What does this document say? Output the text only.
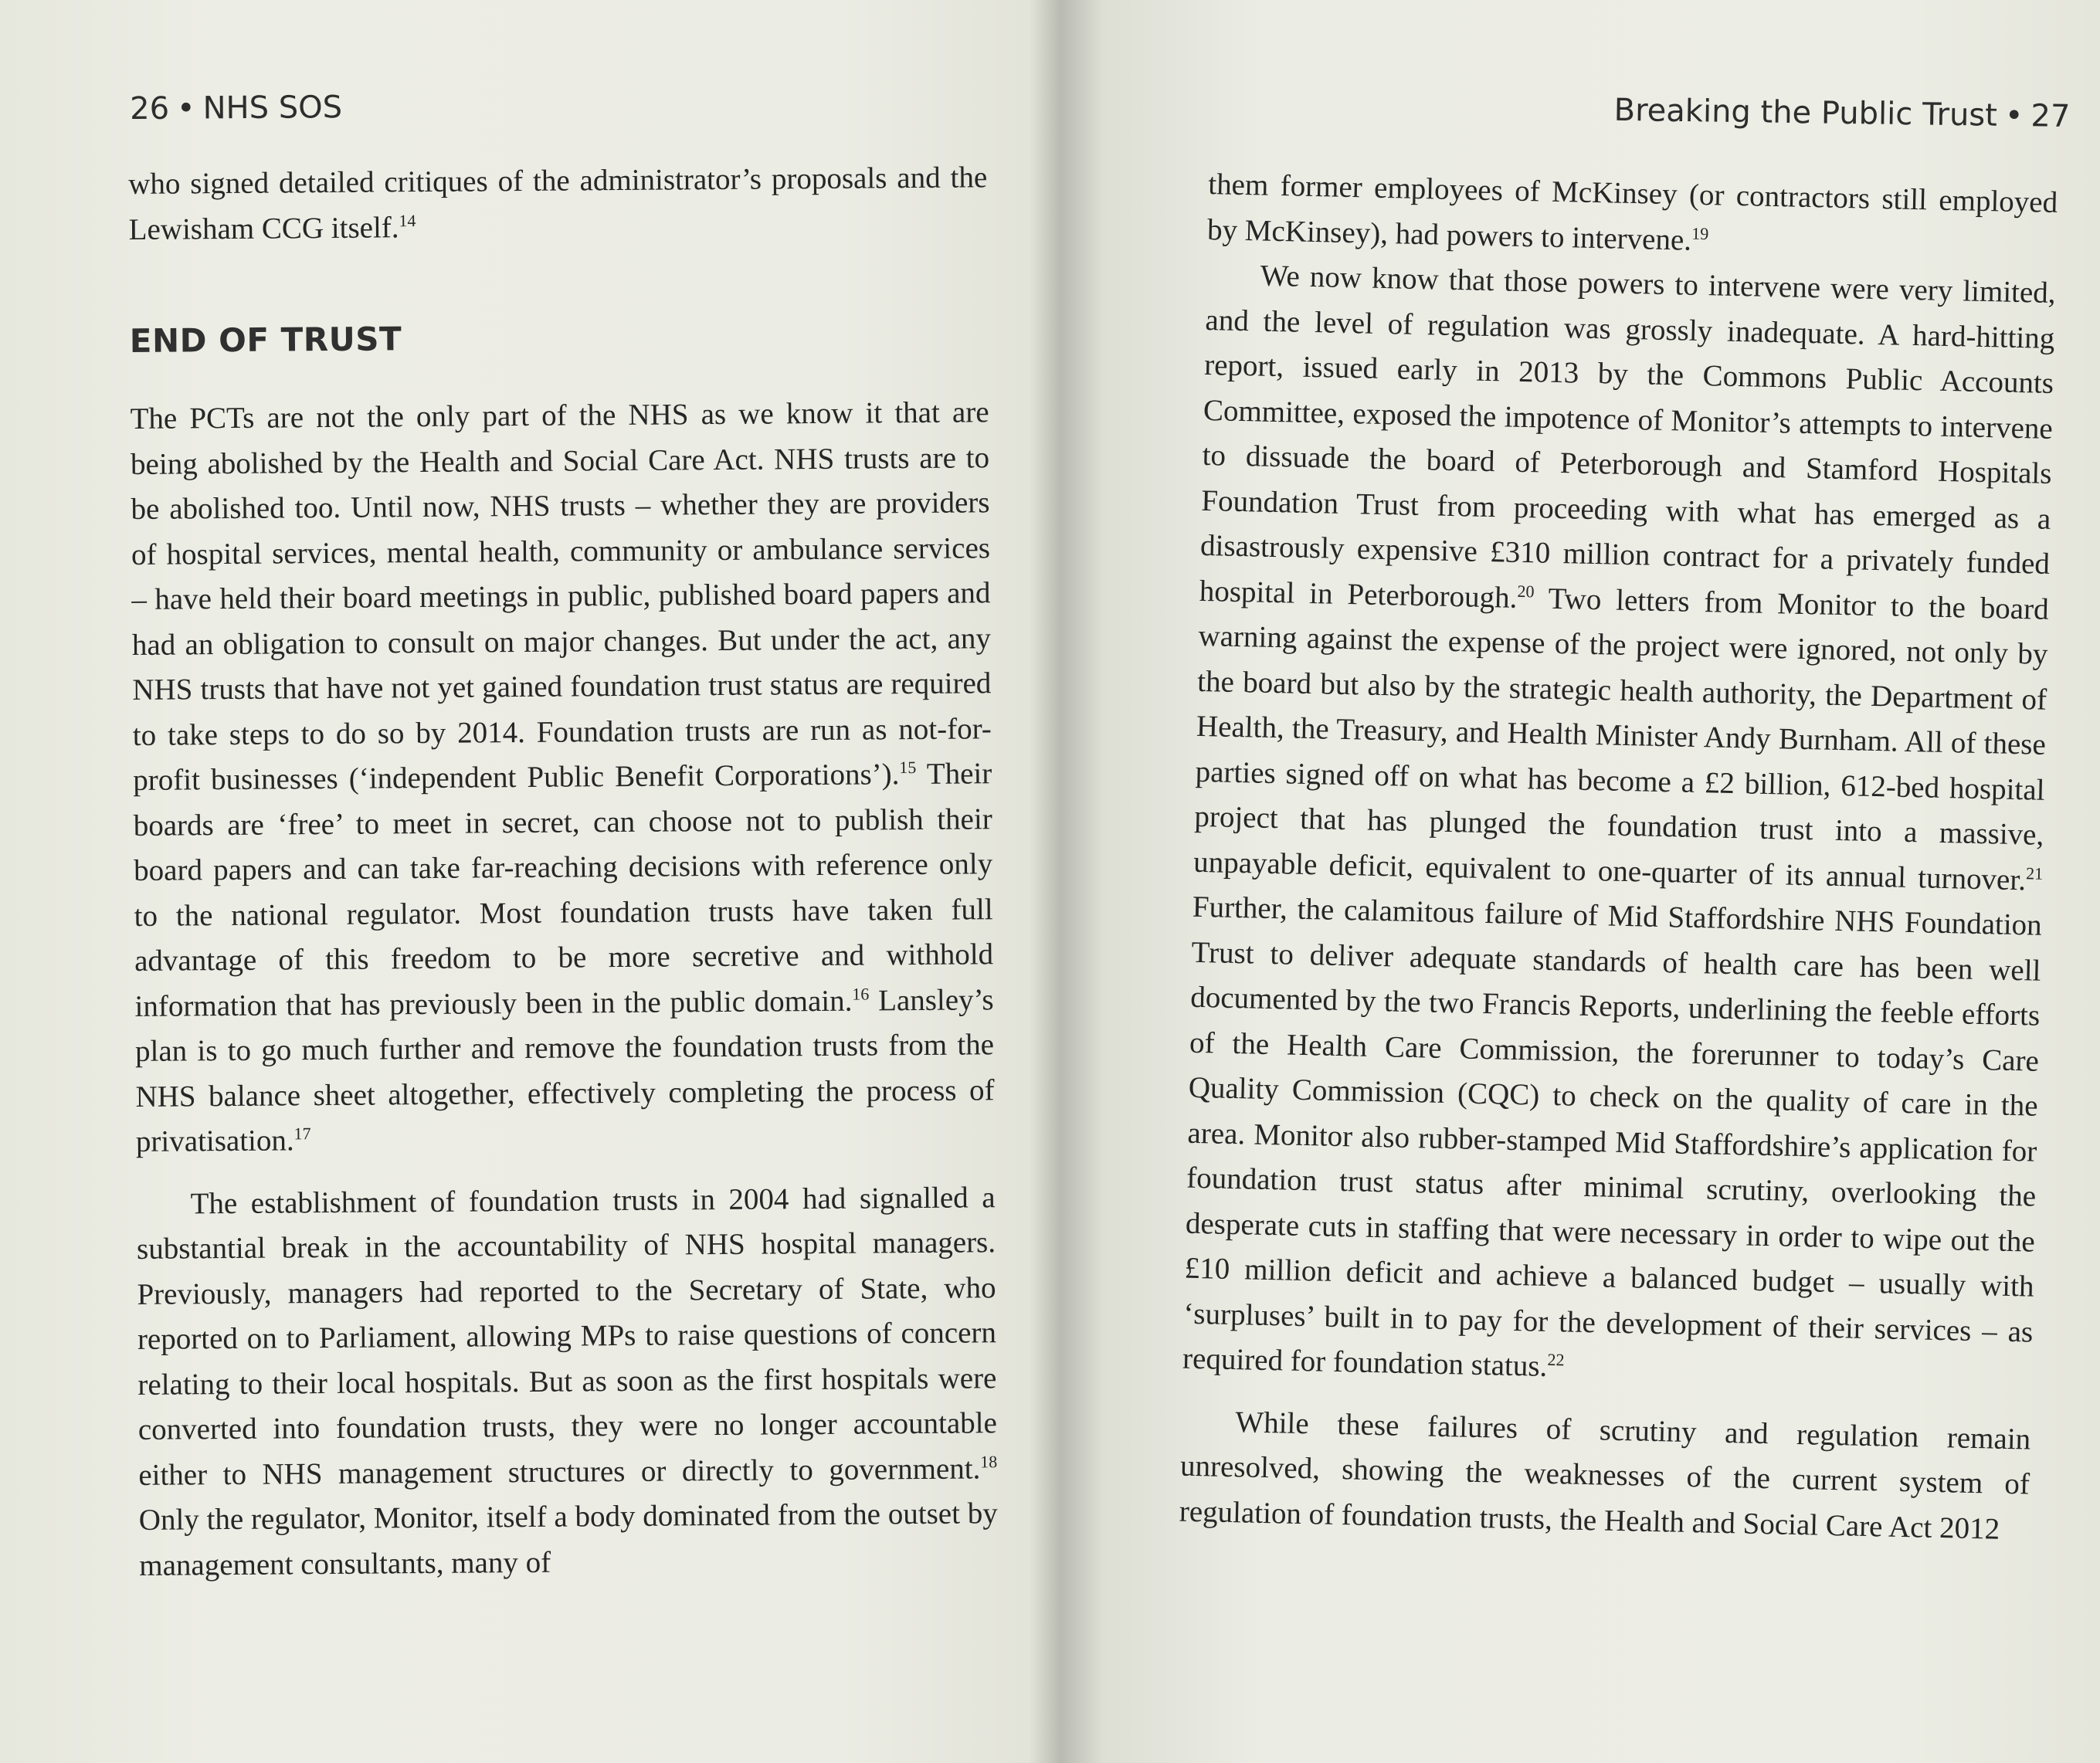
26 • NHS SOS

who signed detailed critiques of the administrator’s proposals and the Lewisham CCG itself.$^{14}$

END OF TRUST

The PCTs are not the only part of the NHS as we know it that are being abolished by the Health and Social Care Act. NHS trusts are to be abolished too. Until now, NHS trusts – whether they are providers of hospital services, mental health, community or ambulance services – have held their board meetings in public, published board papers and had an obligation to consult on major changes. But under the act, any NHS trusts that have not yet gained foundation trust status are required to take steps to do so by 2014. Foundation trusts are run as not-for-profit businesses (‘independent Public Benefit Corporations’).$^{15}$ Their boards are ‘free’ to meet in secret, can choose not to publish their board papers and can take far-reaching decisions with reference only to the national regulator. Most foundation trusts have taken full advantage of this freedom to be more secretive and withhold information that has previously been in the public domain.$^{16}$ Lansley’s plan is to go much further and remove the foundation trusts from the NHS balance sheet altogether, effectively completing the process of privatisation.$^{17}$

The establishment of foundation trusts in 2004 had signalled a substantial break in the accountability of NHS hospital managers. Previously, managers had reported to the Secretary of State, who reported on to Parliament, allowing MPs to raise questions of concern relating to their local hospitals. But as soon as the first hospitals were converted into foundation trusts, they were no longer accountable either to NHS management structures or directly to government.$^{18}$ Only the regulator, Monitor, itself a body dominated from the outset by management consultants, many of

Breaking the Public Trust • 27

them former employees of McKinsey (or contractors still employed by McKinsey), had powers to intervene.$^{19}$

We now know that those powers to intervene were very limited, and the level of regulation was grossly inadequate. A hard-hitting report, issued early in 2013 by the Commons Public Accounts Committee, exposed the impotence of Monitor’s attempts to intervene to dissuade the board of Peterborough and Stamford Hospitals Foundation Trust from proceeding with what has emerged as a disastrously expensive £310 million contract for a privately funded hospital in Peterborough.$^{20}$ Two letters from Monitor to the board warning against the expense of the project were ignored, not only by the board but also by the strategic health authority, the Department of Health, the Treasury, and Health Minister Andy Burnham. All of these parties signed off on what has become a £2 billion, 612-bed hospital project that has plunged the foundation trust into a massive, unpayable deficit, equivalent to one-quarter of its annual turnover.$^{21}$ Further, the calamitous failure of Mid Staffordshire NHS Foundation Trust to deliver adequate standards of health care has been well documented by the two Francis Reports, underlining the feeble efforts of the Health Care Commission, the forerunner to today’s Care Quality Commission (CQC) to check on the quality of care in the area. Monitor also rubber-stamped Mid Staffordshire’s application for foundation trust status after minimal scrutiny, overlooking the desperate cuts in staffing that were necessary in order to wipe out the £10 million deficit and achieve a balanced budget – usually with ‘surpluses’ built in to pay for the development of their services – as required for foundation status.$^{22}$

While these failures of scrutiny and regulation remain unresolved, showing the weaknesses of the current system of regulation of foundation trusts, the Health and Social Care Act 2012
